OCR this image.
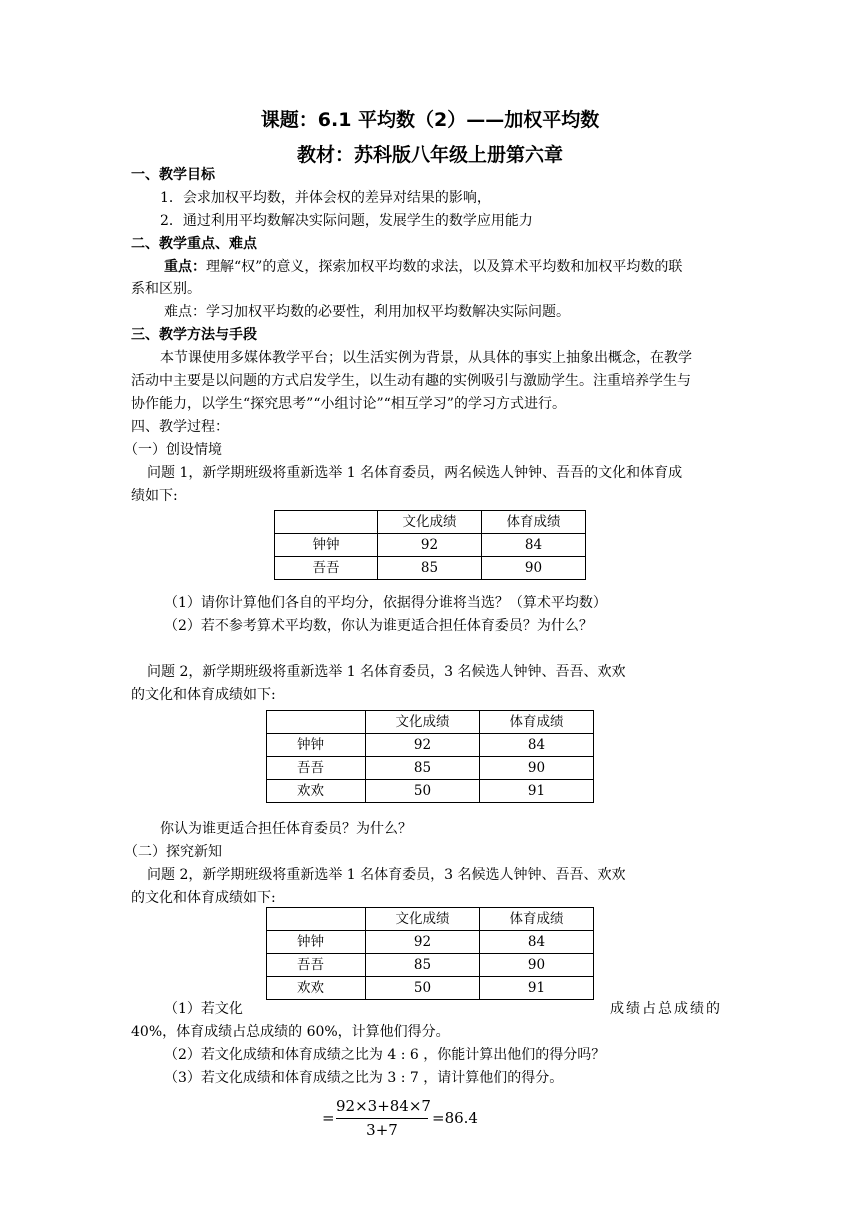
课题：6.1 平均数（2）——加权平均数
教材：苏科版八年级上册第六章
一、教学目标
1．会求加权平均数，并体会权的差异对结果的影响，
2．通过利用平均数解决实际问题，发展学生的数学应用能力
二、教学重点、难点
重点：理解“权”的意义，探索加权平均数的求法，以及算术平均数和加权平均数的联
系和区别。
难点：学习加权平均数的必要性，利用加权平均数解决实际问题。
三、教学方法与手段
本节课使用多媒体教学平台；以生活实例为背景，从具体的事实上抽象出概念，在教学
活动中主要是以问题的方式启发学生，以生动有趣的实例吸引与激励学生。注重培养学生与
协作能力，以学生“探究思考”“小组讨论”“相互学习”的学习方式进行。
四、教学过程：
（一）创设情境
问题 1，新学期班级将重新选举 1 名体育委员，两名候选人钟钟、吾吾的文化和体育成
绩如下:
	文化成绩	体育成绩
钟钟	92	84
吾吾	85	90
（1）请你计算他们各自的平均分，依据得分谁将当选？（算术平均数）
（2）若不参考算术平均数，你认为谁更适合担任体育委员？为什么？
问题 2，新学期班级将重新选举 1 名体育委员，3 名候选人钟钟、吾吾、欢欢
的文化和体育成绩如下:
	文化成绩	体育成绩
钟钟	92	84
吾吾	85	90
欢欢	50	91
你认为谁更适合担任体育委员？为什么？
（二）探究新知
问题 2，新学期班级将重新选举 1 名体育委员，3 名候选人钟钟、吾吾、欢欢
的文化和体育成绩如下:
	文化成绩	体育成绩
钟钟	92	84
吾吾	85	90
欢欢	50	91
（1）若文化	成绩占总成绩的
40%，体育成绩占总成绩的 60%，计算他们得分。
（2）若文化成绩和体育成绩之比为 4 : 6 ，你能计算出他们的得分吗？
（3）若文化成绩和体育成绩之比为 3 : 7 ，请计算他们的得分。
=
92×3+84×7
3+7
=86.4
